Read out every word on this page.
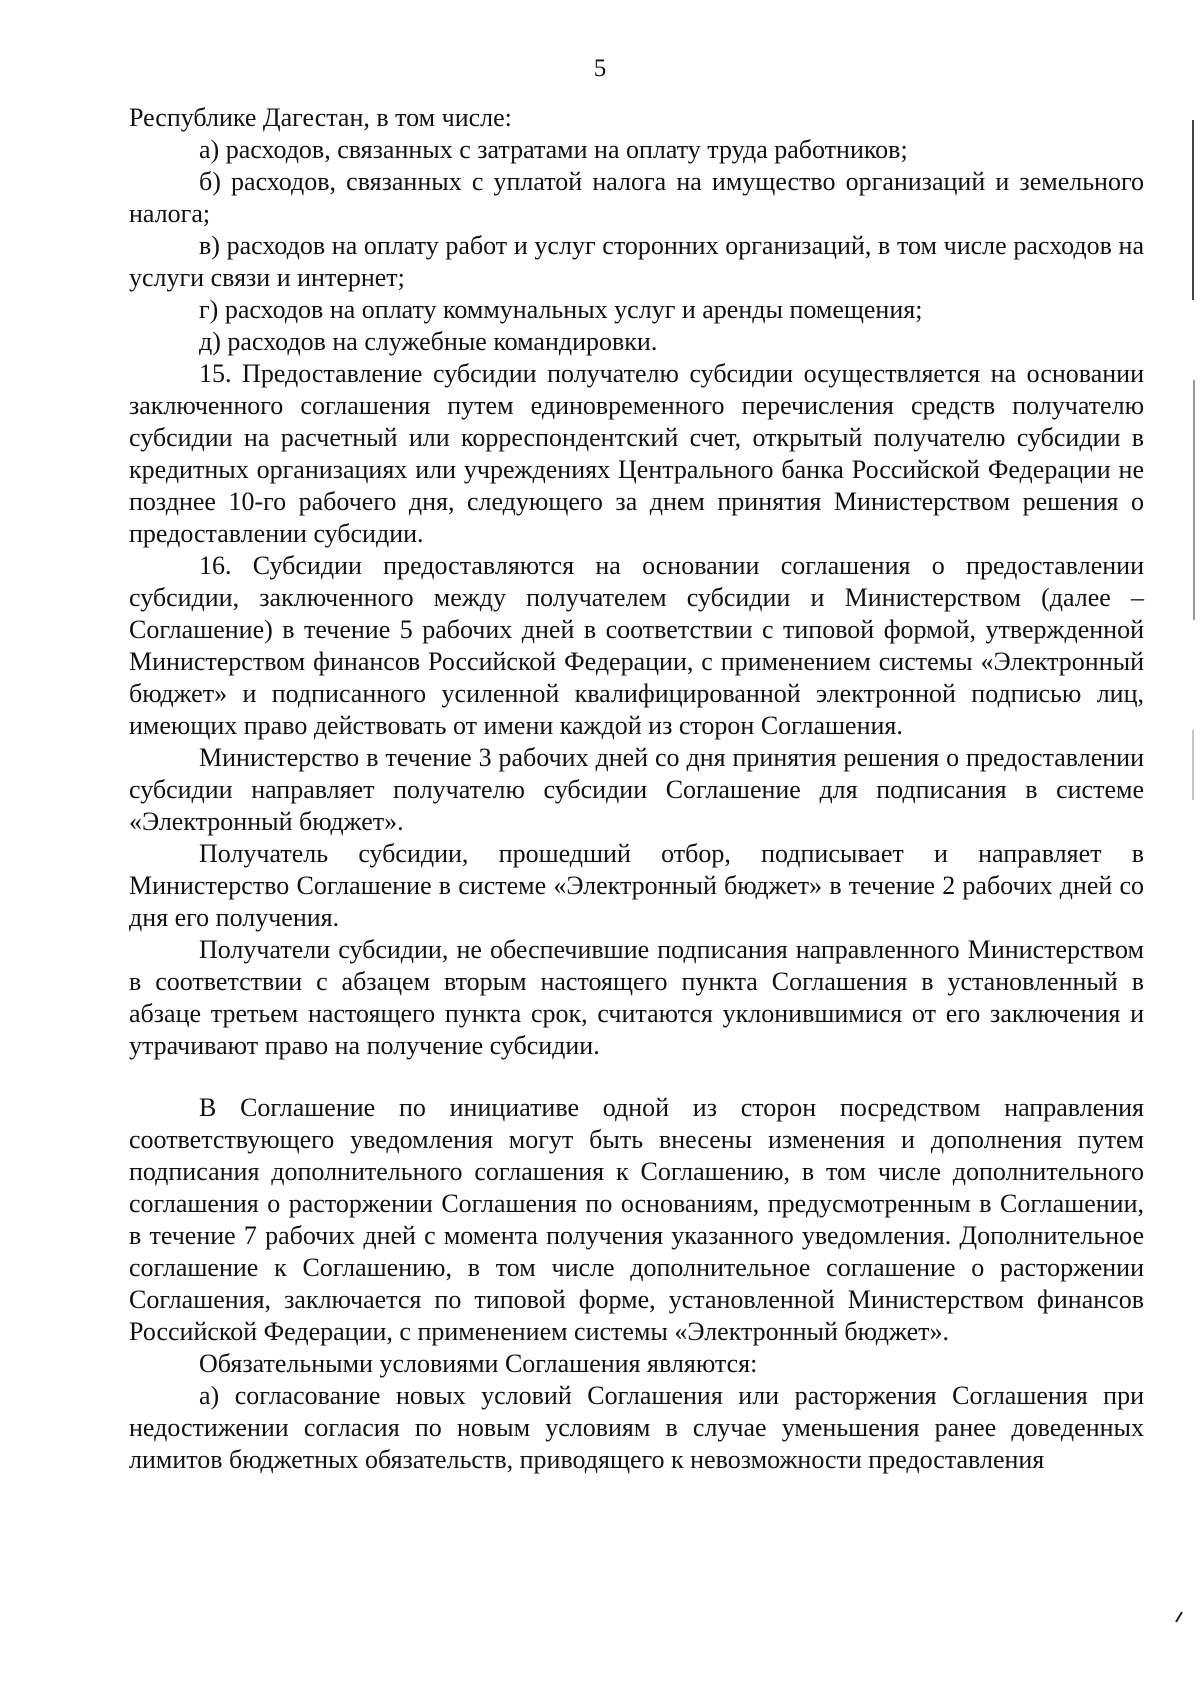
5

Республике Дагестан, в том числе:

а) расходов, связанных с затратами на оплату труда работников;

б) расходов, связанных с уплатой налога на имущество организаций и земельного налога;

в) расходов на оплату работ и услуг сторонних организаций, в том числе расходов на услуги связи и интернет;

г) расходов на оплату коммунальных услуг и аренды помещения;

д) расходов на служебные командировки.

15. Предоставление субсидии получателю субсидии осуществляется на основании заключенного соглашения путем единовременного перечисления средств получателю субсидии на расчетный или корреспондентский счет, открытый получателю субсидии в кредитных организациях или учреждениях Центрального банка Российской Федерации не позднее 10-го рабочего дня, следующего за днем принятия Министерством решения о предоставлении субсидии.

16. Субсидии предоставляются на основании соглашения о предоставлении субсидии, заключенного между получателем субсидии и Министерством (далее – Соглашение) в течение 5 рабочих дней в соответствии с типовой формой, утвержденной Министерством финансов Российской Федерации, с применением системы «Электронный бюджет» и подписанного усиленной квалифицированной электронной подписью лиц, имеющих право действовать от имени каждой из сторон Соглашения.

Министерство в течение 3 рабочих дней со дня принятия решения о предоставлении субсидии направляет получателю субсидии Соглашение для подписания в системе «Электронный бюджет».

Получатель субсидии, прошедший отбор, подписывает и направляет в Министерство Соглашение в системе «Электронный бюджет» в течение 2 рабочих дней со дня его получения.

Получатели субсидии, не обеспечившие подписания направленного Министерством в соответствии с абзацем вторым настоящего пункта Соглашения в установленный в абзаце третьем настоящего пункта срок, считаются уклонившимися от его заключения и утрачивают право на получение субсидии.

В Соглашение по инициативе одной из сторон посредством направления соответствующего уведомления могут быть внесены изменения и дополнения путем подписания дополнительного соглашения к Соглашению, в том числе дополнительного соглашения о расторжении Соглашения по основаниям, предусмотренным в Соглашении, в течение 7 рабочих дней с момента получения указанного уведомления. Дополнительное соглашение к Соглашению, в том числе дополнительное соглашение о расторжении Соглашения, заключается по типовой форме, установленной Министерством финансов Российской Федерации, с применением системы «Электронный бюджет».

Обязательными условиями Соглашения являются:

а) согласование новых условий Соглашения или расторжения Соглашения при недостижении согласия по новым условиям в случае уменьшения ранее доведенных лимитов бюджетных обязательств, приводящего к невозможности предоставления
